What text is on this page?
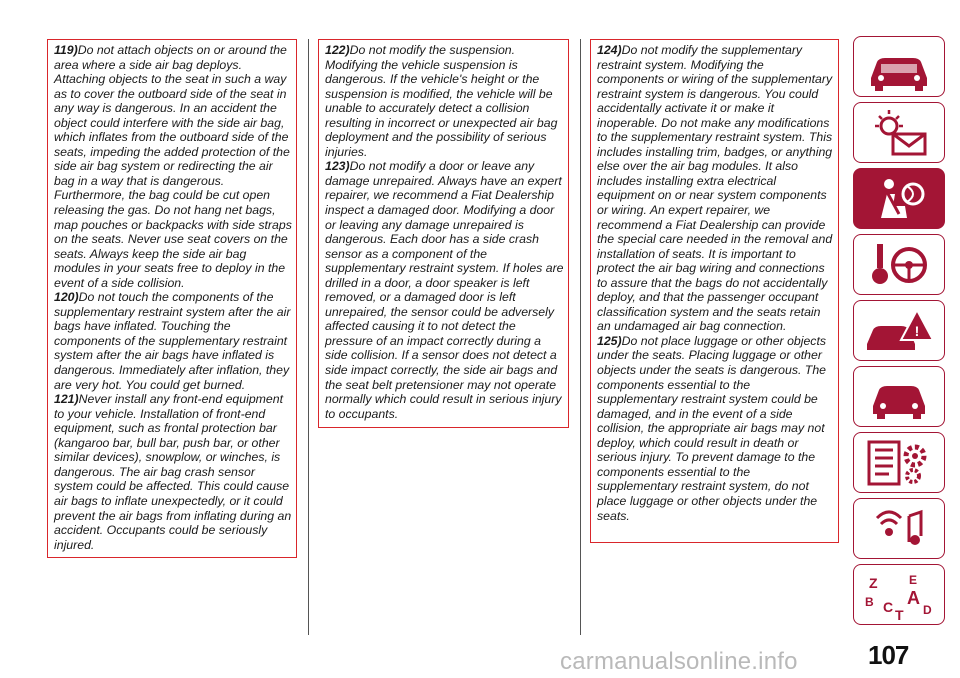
119)Do not attach objects on or around the area where a side air bag deploys. Attaching objects to the seat in such a way as to cover the outboard side of the seat in any way is dangerous. In an accident the object could interfere with the side air bag, which inflates from the outboard side of the seats, impeding the added protection of the side air bag system or redirecting the air bag in a way that is dangerous. Furthermore, the bag could be cut open releasing the gas. Do not hang net bags, map pouches or backpacks with side straps on the seats. Never use seat covers on the seats. Always keep the side air bag modules in your seats free to deploy in the event of a side collision.

120)Do not touch the components of the supplementary restraint system after the air bags have inflated. Touching the components of the supplementary restraint system after the air bags have inflated is dangerous. Immediately after inflation, they are very hot. You could get burned.

121)Never install any front-end equipment to your vehicle. Installation of front-end equipment, such as frontal protection bar (kangaroo bar, bull bar, push bar, or other similar devices), snowplow, or winches, is dangerous. The air bag crash sensor system could be affected. This could cause air bags to inflate unexpectedly, or it could prevent the air bags from inflating during an accident. Occupants could be seriously injured.

122)Do not modify the suspension. Modifying the vehicle suspension is dangerous. If the vehicle's height or the suspension is modified, the vehicle will be unable to accurately detect a collision resulting in incorrect or unexpected air bag deployment and the possibility of serious injuries.

123)Do not modify a door or leave any damage unrepaired. Always have an expert repairer, we recommend a Fiat Dealership inspect a damaged door. Modifying a door or leaving any damage unrepaired is dangerous. Each door has a side crash sensor as a component of the supplementary restraint system. If holes are drilled in a door, a door speaker is left removed, or a damaged door is left unrepaired, the sensor could be adversely affected causing it to not detect the pressure of an impact correctly during a side collision. If a sensor does not detect a side impact correctly, the side air bags and the seat belt pretensioner may not operate normally which could result in serious injury to occupants.

124)Do not modify the supplementary restraint system. Modifying the components or wiring of the supplementary restraint system is dangerous. You could accidentally activate it or make it inoperable. Do not make any modifications to the supplementary restraint system. This includes installing trim, badges, or anything else over the air bag modules. It also includes installing extra electrical equipment on or near system components or wiring. An expert repairer, we recommend a Fiat Dealership can provide the special care needed in the removal and installation of seats. It is important to protect the air bag wiring and connections to assure that the bags do not accidentally deploy, and that the passenger occupant classification system and the seats retain an undamaged air bag connection.

125)Do not place luggage or other objects under the seats. Placing luggage or other objects under the seats is dangerous. The components essential to the supplementary restraint system could be damaged, and in the event of a side collision, the appropriate air bags may not deploy, which could result in death or serious injury. To prevent damage to the components essential to the supplementary restraint system, do not place luggage or other objects under the seats.

!
Z	E
B A
C D
T
107
carmanualsonline.info
